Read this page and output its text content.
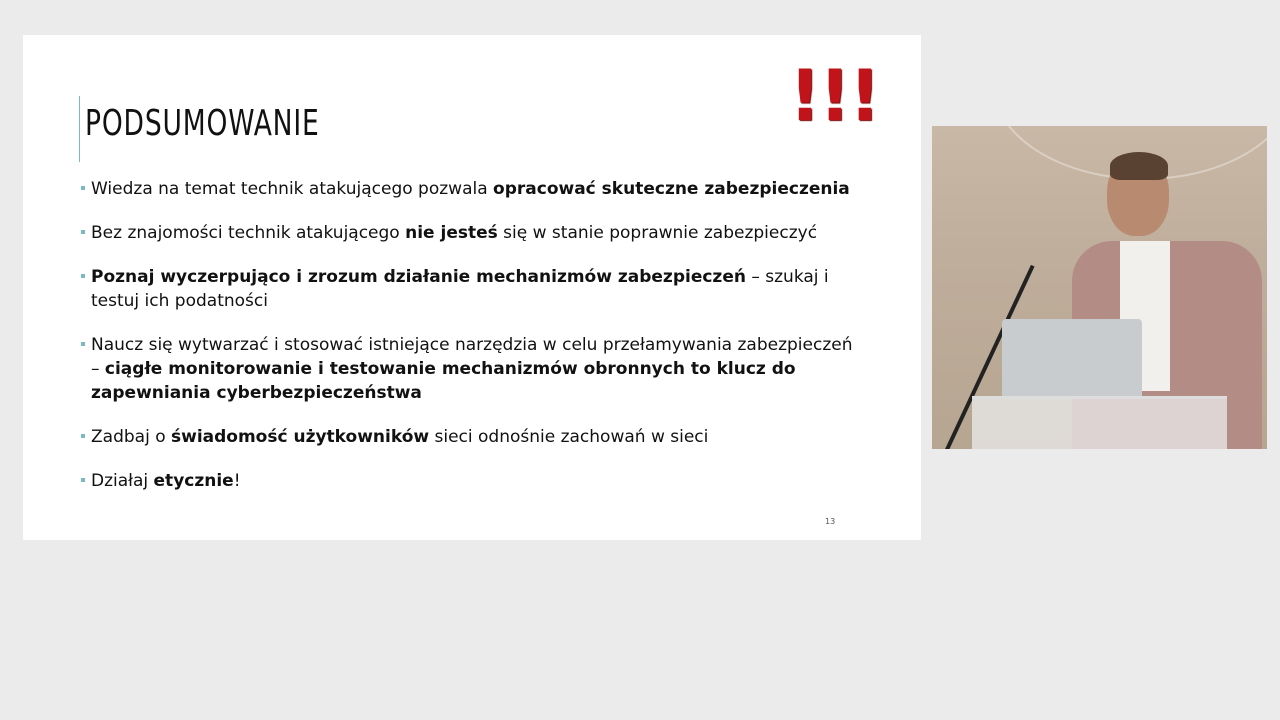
PODSUMOWANIE	!!!
Wiedza na temat technik atakującego pozwala opracować skuteczne zabezpieczenia
Bez znajomości technik atakującego nie jesteś się w stanie poprawnie zabezpieczyć
Poznaj wyczerpująco i zrozum działanie mechanizmów zabezpieczeń – szukaj i testuj ich podatności
Naucz się wytwarzać i stosować istniejące narzędzia w celu przełamywania zabezpieczeń – ciągłe monitorowanie i testowanie mechanizmów obronnych to klucz do zapewniania cyberbezpieczeństwa
Zadbaj o świadomość użytkowników sieci odnośnie zachowań w sieci
Działaj etycznie!
13
